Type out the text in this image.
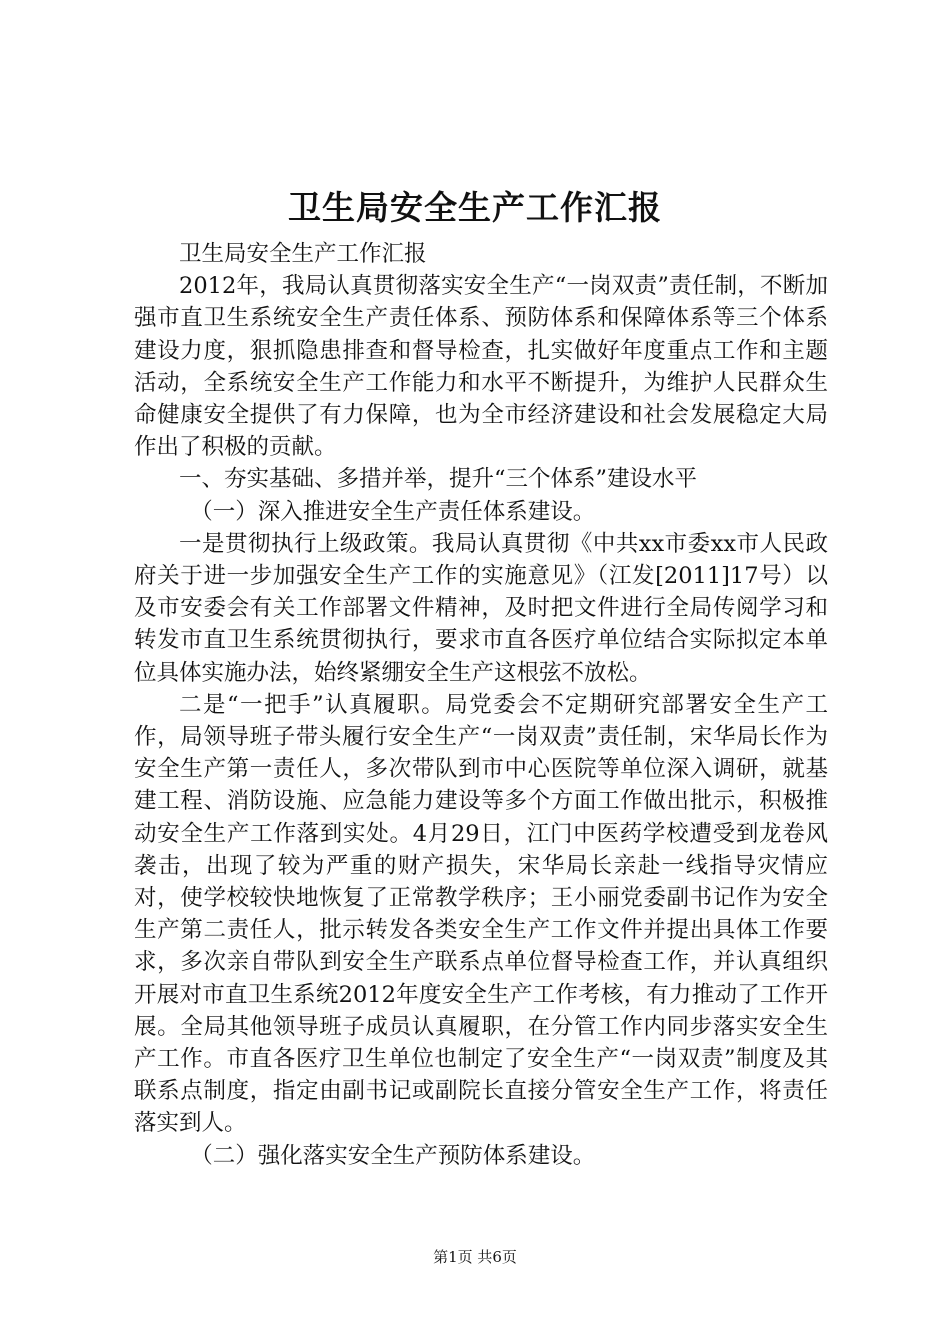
卫生局安全生产工作汇报

卫生局安全生产工作汇报

2012年，我局认真贯彻落实安全生产“一岗双责”责任制，不断加强市直卫生系统安全生产责任体系、预防体系和保障体系等三个体系建设力度，狠抓隐患排查和督导检查，扎实做好年度重点工作和主题活动，全系统安全生产工作能力和水平不断提升，为维护人民群众生命健康安全提供了有力保障，也为全市经济建设和社会发展稳定大局作出了积极的贡献。

一、夯实基础、多措并举，提升“三个体系”建设水平

（一）深入推进安全生产责任体系建设。

一是贯彻执行上级政策。我局认真贯彻《中共xx市委xx市人民政府关于进一步加强安全生产工作的实施意见》（江发[2011]17号）以及市安委会有关工作部署文件精神，及时把文件进行全局传阅学习和转发市直卫生系统贯彻执行，要求市直各医疗单位结合实际拟定本单位具体实施办法，始终紧绷安全生产这根弦不放松。

二是“一把手”认真履职。局党委会不定期研究部署安全生产工作，局领导班子带头履行安全生产“一岗双责”责任制，宋华局长作为安全生产第一责任人，多次带队到市中心医院等单位深入调研，就基建工程、消防设施、应急能力建设等多个方面工作做出批示，积极推动安全生产工作落到实处。4月29日，江门中医药学校遭受到龙卷风袭击，出现了较为严重的财产损失，宋华局长亲赴一线指导灾情应对，使学校较快地恢复了正常教学秩序；王小丽党委副书记作为安全生产第二责任人，批示转发各类安全生产工作文件并提出具体工作要求，多次亲自带队到安全生产联系点单位督导检查工作，并认真组织开展对市直卫生系统2012年度安全生产工作考核，有力推动了工作开展。全局其他领导班子成员认真履职，在分管工作内同步落实安全生产工作。市直各医疗卫生单位也制定了安全生产“一岗双责”制度及其联系点制度，指定由副书记或副院长直接分管安全生产工作，将责任落实到人。

（二）强化落实安全生产预防体系建设。

第1页 共6页
